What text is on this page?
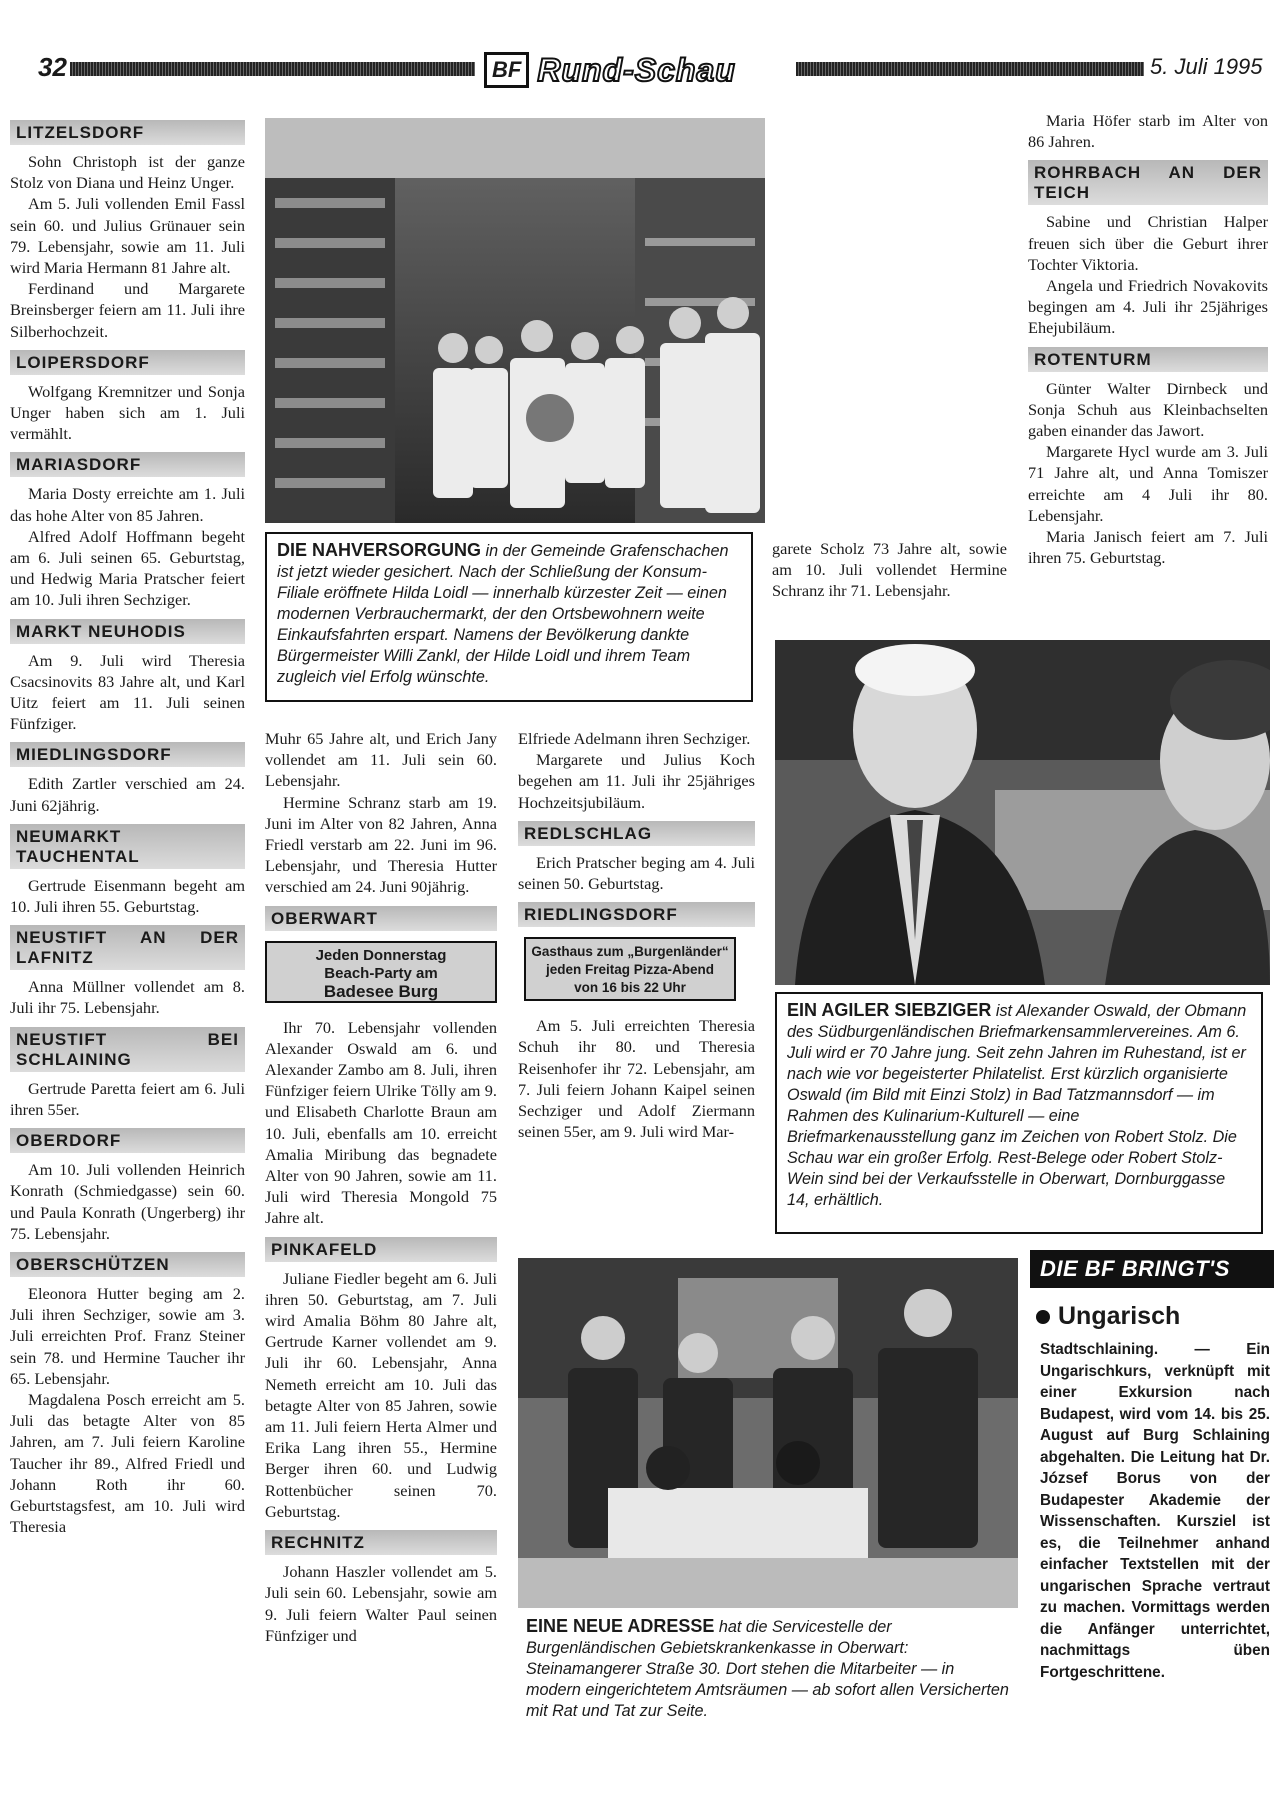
32	BF Rund-Schau	5. Juli 1995
LITZELSDORF

Sohn Christoph ist der ganze Stolz von Diana und Heinz Unger.

Am 5. Juli vollenden Emil Fassl sein 60. und Julius Grünauer sein 79. Lebensjahr, sowie am 11. Juli wird Maria Hermann 81 Jahre alt.

Ferdinand und Margarete Breinsberger feiern am 11. Juli ihre Silberhochzeit.

LOIPERSDORF

Wolfgang Kremnitzer und Sonja Unger haben sich am 1. Juli vermählt.

MARIASDORF

Maria Dosty erreichte am 1. Juli das hohe Alter von 85 Jahren.

Alfred Adolf Hoffmann begeht am 6. Juli seinen 65. Geburtstag, und Hedwig Maria Pratscher feiert am 10. Juli ihren Sechziger.

MARKT NEUHODIS

Am 9. Juli wird Theresia Csacsinovits 83 Jahre alt, und Karl Uitz feiert am 11. Juli seinen Fünfziger.

MIEDLINGSDORF

Edith Zartler verschied am 24. Juni 62jährig.

NEUMARKT TAUCHENTAL

Gertrude Eisenmann begeht am 10. Juli ihren 55. Geburtstag.

NEUSTIFT AN DER LAFNITZ

Anna Müllner vollendet am 8. Juli ihr 75. Lebensjahr.

NEUSTIFT BEI SCHLAINING

Gertrude Paretta feiert am 6. Juli ihren 55er.

OBERDORF

Am 10. Juli vollenden Heinrich Konrath (Schmiedgasse) sein 60. und Paula Konrath (Ungerberg) ihr 75. Lebensjahr.

OBERSCHÜTZEN

Eleonora Hutter beging am 2. Juli ihren Sechziger, sowie am 3. Juli erreichten Prof. Franz Steiner sein 78. und Hermine Taucher ihr 65. Lebensjahr.

Magdalena Posch erreicht am 5. Juli das betagte Alter von 85 Jahren, am 7. Juli feiern Karoline Taucher ihr 89., Alfred Friedl und Johann Roth ihr 60. Geburtstagsfest, am 10. Juli wird Theresia

DIE NAHVERSORGUNG in der Gemeinde Grafenschachen ist jetzt wieder gesichert. Nach der Schließung der Konsum-Filiale eröffnete Hilda Loidl — innerhalb kürzester Zeit — einen modernen Verbrauchermarkt, der den Ortsbewohnern weite Einkaufsfahrten erspart. Namens der Bevölkerung dankte Bürgermeister Willi Zankl, der Hilde Loidl und ihrem Team zugleich viel Erfolg wünschte.

Muhr 65 Jahre alt, und Erich Jany vollendet am 11. Juli sein 60. Lebensjahr.

Hermine Schranz starb am 19. Juni im Alter von 82 Jahren, Anna Friedl verstarb am 22. Juni im 96. Lebensjahr, und Theresia Hutter verschied am 24. Juni 90jährig.

OBERWART
Jeden Donnerstag
Beach-Party am
Badesee Burg

Ihr 70. Lebensjahr vollenden Alexander Oswald am 6. und Alexander Zambo am 8. Juli, ihren Fünfziger feiern Ulrike Tölly am 9. und Elisabeth Charlotte Braun am 10. Juli, ebenfalls am 10. erreicht Amalia Miribung das begnadete Alter von 90 Jahren, sowie am 11. Juli wird Theresia Mongold 75 Jahre alt.

PINKAFELD

Juliane Fiedler begeht am 6. Juli ihren 50. Geburtstag, am 7. Juli wird Amalia Böhm 80 Jahre alt, Gertrude Karner vollendet am 9. Juli ihr 60. Lebensjahr, Anna Nemeth erreicht am 10. Juli das betagte Alter von 85 Jahren, sowie am 11. Juli feiern Herta Almer und Erika Lang ihren 55., Hermine Berger ihren 60. und Ludwig Rottenbücher seinen 70. Geburtstag.

RECHNITZ

Johann Haszler vollendet am 5. Juli sein 60. Lebensjahr, sowie am 9. Juli feiern Walter Paul seinen Fünfziger und

Elfriede Adelmann ihren Sechziger.

Margarete und Julius Koch begehen am 11. Juli ihr 25jähriges Hochzeitsjubiläum.

REDLSCHLAG

Erich Pratscher beging am 4. Juli seinen 50. Geburtstag.

RIEDLINGSDORF
Gasthaus zum „Burgenländer“
jeden Freitag Pizza-Abend
von 16 bis 22 Uhr

Am 5. Juli erreichten Theresia Schuh ihr 80. und Theresia Reisenhofer ihr 72. Lebensjahr, am 7. Juli feiern Johann Kaipel seinen Sechziger und Adolf Ziermann seinen 55er, am 9. Juli wird Mar-

garete Scholz 73 Jahre alt, sowie am 10. Juli vollendet Hermine Schranz ihr 71. Lebensjahr.

Maria Höfer starb im Alter von 86 Jahren.

ROHRBACH AN DER TEICH

Sabine und Christian Halper freuen sich über die Geburt ihrer Tochter Viktoria.

Angela und Friedrich Novakovits begingen am 4. Juli ihr 25jähriges Ehejubiläum.

ROTENTURM

Günter Walter Dirnbeck und Sonja Schuh aus Kleinbachselten gaben einander das Jawort.

Margarete Hycl wurde am 3. Juli 71 Jahre alt, und Anna Tomiszer erreichte am 4 Juli ihr 80. Lebensjahr.

Maria Janisch feiert am 7. Juli ihren 75. Geburtstag.

EIN AGILER SIEBZIGER ist Alexander Oswald, der Obmann des Südburgenländischen Briefmarkensammlervereines. Am 6. Juli wird er 70 Jahre jung. Seit zehn Jahren im Ruhestand, ist er nach wie vor begeisterter Philatelist. Erst kürzlich organisierte Oswald (im Bild mit Einzi Stolz) in Bad Tatzmannsdorf — im Rahmen des Kulinarium-Kulturell — eine Briefmarkenausstellung ganz im Zeichen von Robert Stolz. Die Schau war ein großer Erfolg. Rest-Belege oder Robert Stolz-Wein sind bei der Verkaufsstelle in Oberwart, Dornburggasse 14, erhältlich.
EINE NEUE ADRESSE hat die Servicestelle der Burgenländischen Gebietskrankenkasse in Oberwart: Steinamangerer Straße 30. Dort stehen die Mitarbeiter — in modern eingerichtetem Amtsräumen — ab sofort allen Versicherten mit Rat und Tat zur Seite.
DIE BF BRINGT'S
Ungarisch
Stadtschlaining. — Ein Ungarischkurs, verknüpft mit einer Exkursion nach Budapest, wird vom 14. bis 25. August auf Burg Schlaining abgehalten. Die Leitung hat Dr. József Borus von der Budapester Akademie der Wissenschaften. Kursziel ist es, die Teilnehmer anhand einfacher Textstellen mit der ungarischen Sprache vertraut zu machen. Vormittags werden die Anfänger unterrichtet, nachmittags üben Fortgeschrittene.
